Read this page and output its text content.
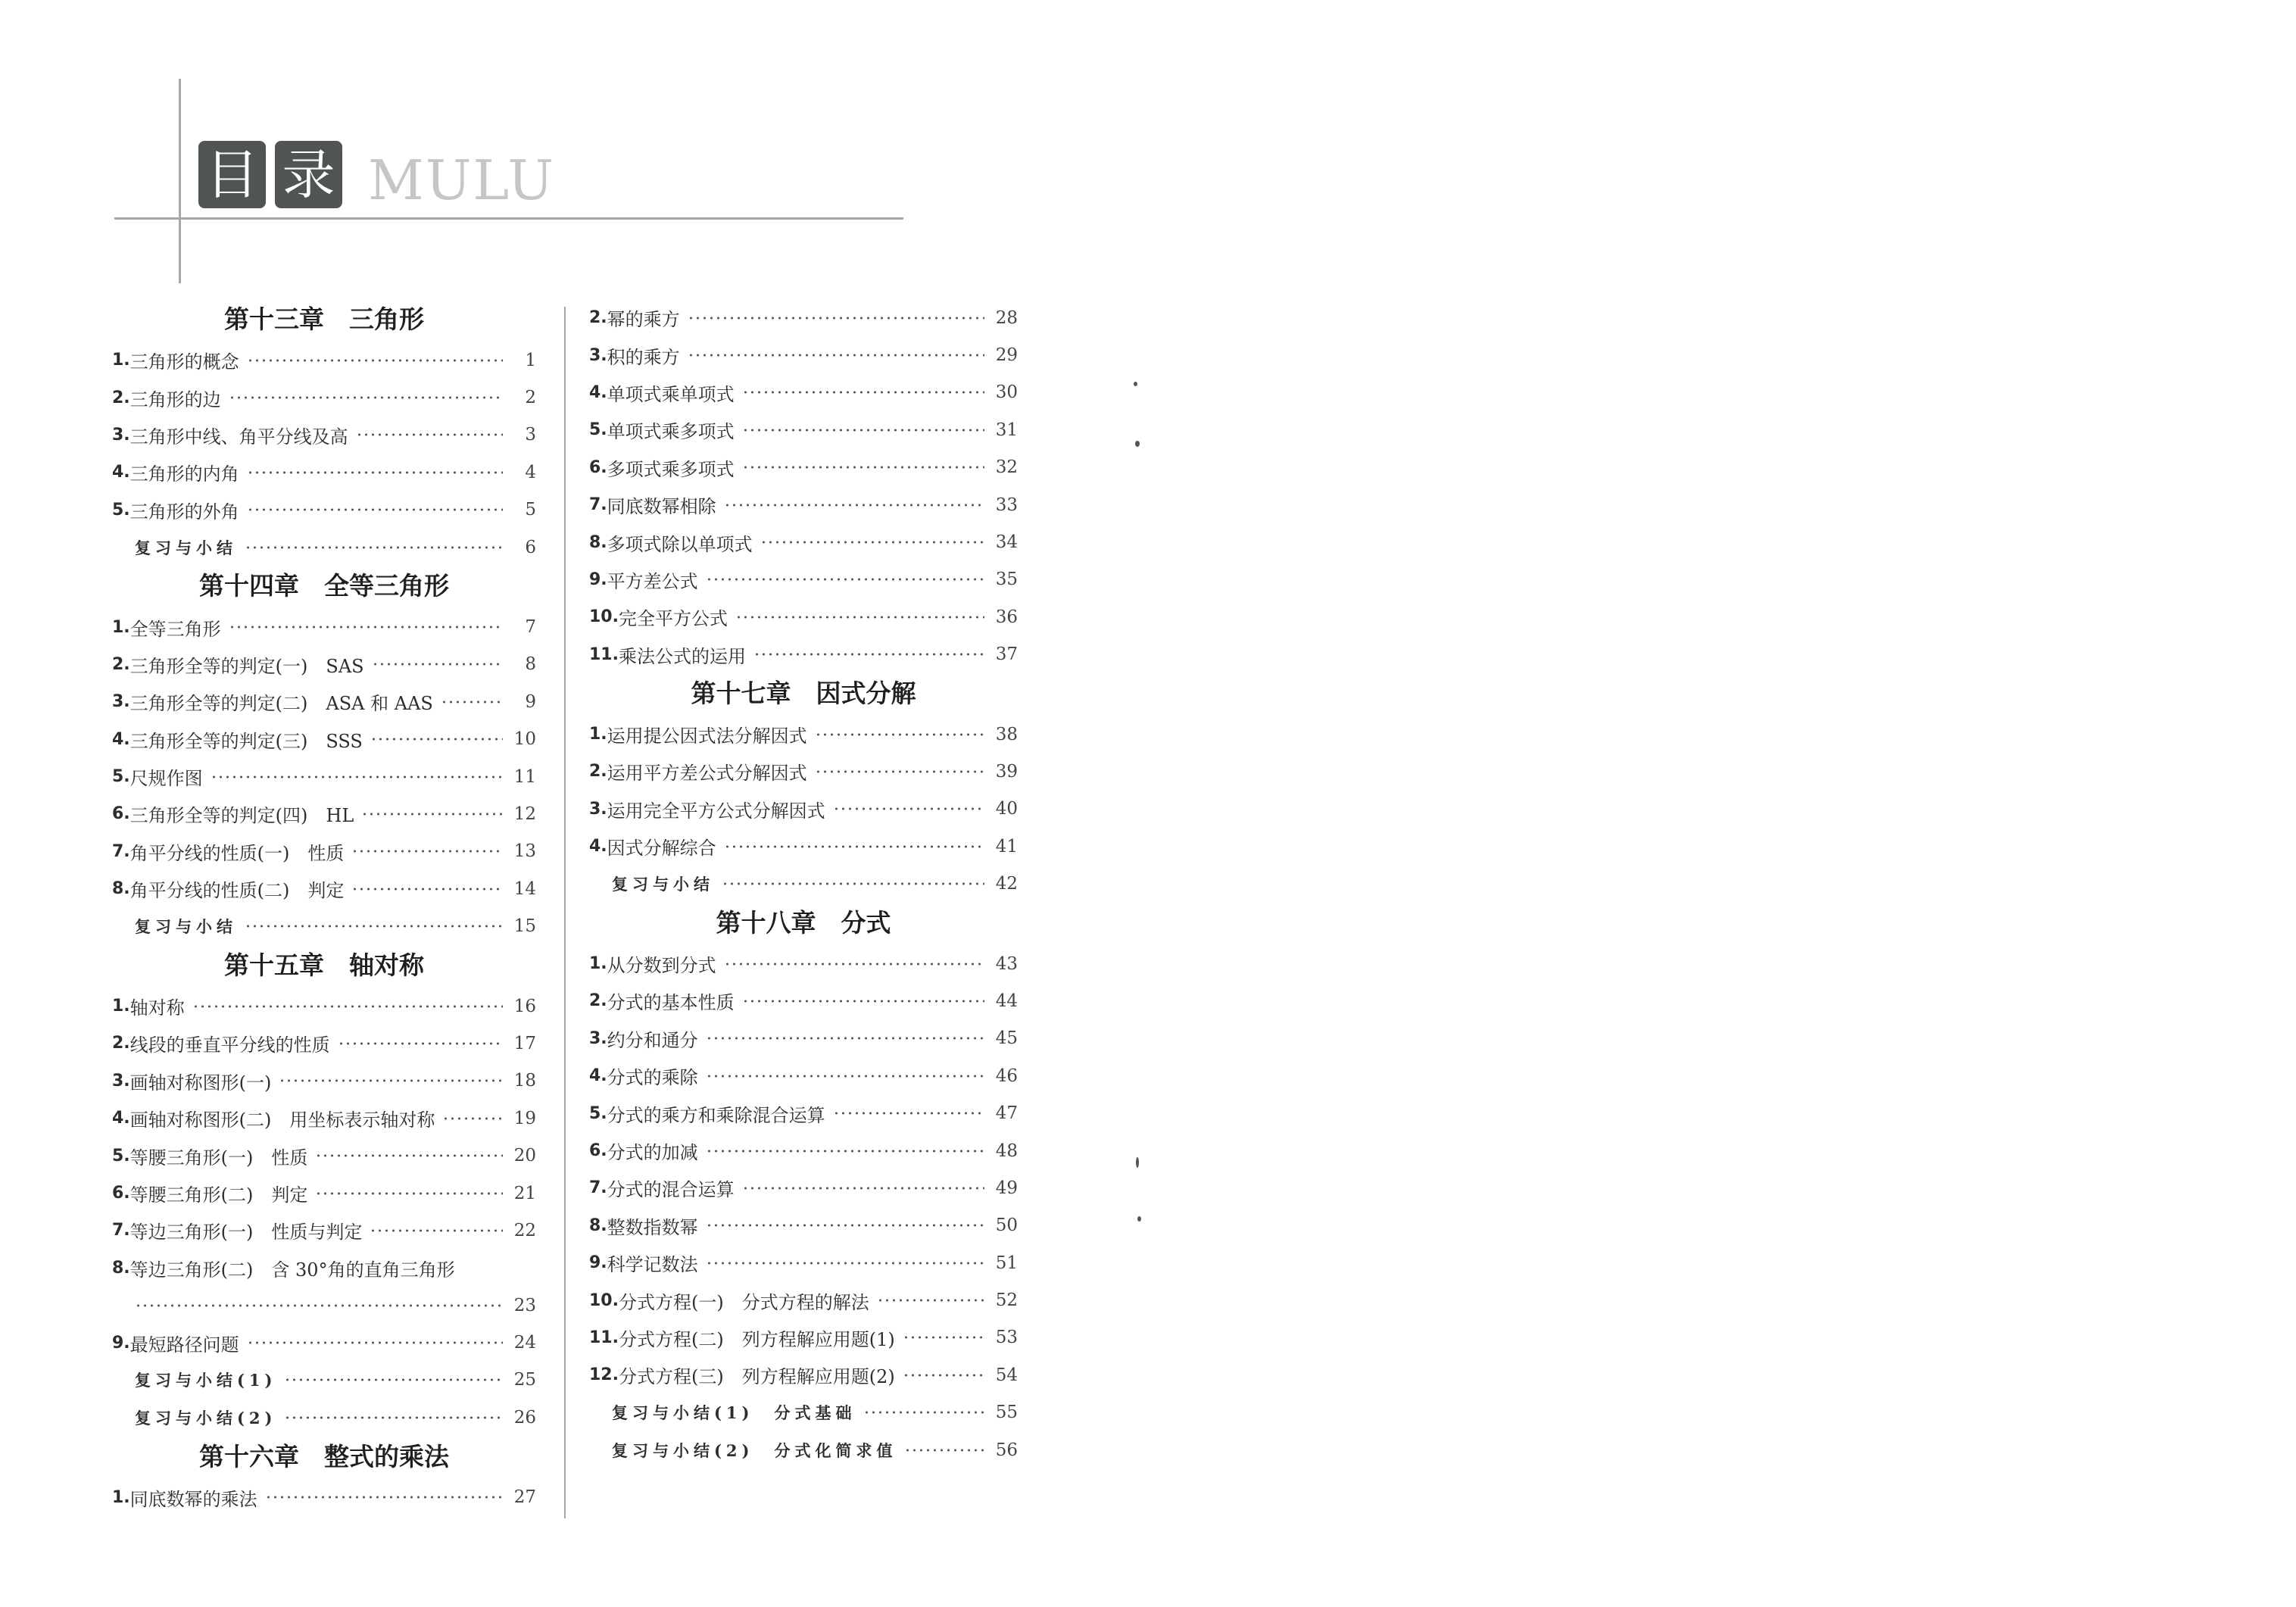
目 录 MULU
第十三章　三角形
1. 三角形的概念	1
2. 三角形的边	2
3. 三角形中线、角平分线及高	3
4. 三角形的内角	4
5. 三角形的外角	5
复习与小结	6
第十四章　全等三角形
1. 全等三角形	7
2. 三角形全等的判定(一)　SAS	8
3. 三角形全等的判定(二)　ASA 和 AAS	9
4. 三角形全等的判定(三)　SSS	10
5. 尺规作图	11
6. 三角形全等的判定(四)　HL	12
7. 角平分线的性质(一)　性质	13
8. 角平分线的性质(二)　判定	14
复习与小结	15
第十五章　轴对称
1. 轴对称	16
2. 线段的垂直平分线的性质	17
3. 画轴对称图形(一)	18
4. 画轴对称图形(二)　用坐标表示轴对称	19
5. 等腰三角形(一)　性质	20
6. 等腰三角形(二)　判定	21
7. 等边三角形(一)　性质与判定	22
8. 等边三角形(二)　含 30°角的直角三角形
23
9. 最短路径问题	24
复习与小结(1)	25
复习与小结(2)	26
第十六章　整式的乘法
1. 同底数幂的乘法	27
2. 幂的乘方	28
3. 积的乘方	29
4. 单项式乘单项式	30
5. 单项式乘多项式	31
6. 多项式乘多项式	32
7. 同底数幂相除	33
8. 多项式除以单项式	34
9. 平方差公式	35
10. 完全平方公式	36
11. 乘法公式的运用	37
第十七章　因式分解
1. 运用提公因式法分解因式	38
2. 运用平方差公式分解因式	39
3. 运用完全平方公式分解因式	40
4. 因式分解综合	41
复习与小结	42
第十八章　分式
1. 从分数到分式	43
2. 分式的基本性质	44
3. 约分和通分	45
4. 分式的乘除	46
5. 分式的乘方和乘除混合运算	47
6. 分式的加减	48
7. 分式的混合运算	49
8. 整数指数幂	50
9. 科学记数法	51
10. 分式方程(一)　分式方程的解法	52
11. 分式方程(二)　列方程解应用题(1)	53
12. 分式方程(三)　列方程解应用题(2)	54
复习与小结(1)　分式基础	55
复习与小结(2)　分式化简求值	56
